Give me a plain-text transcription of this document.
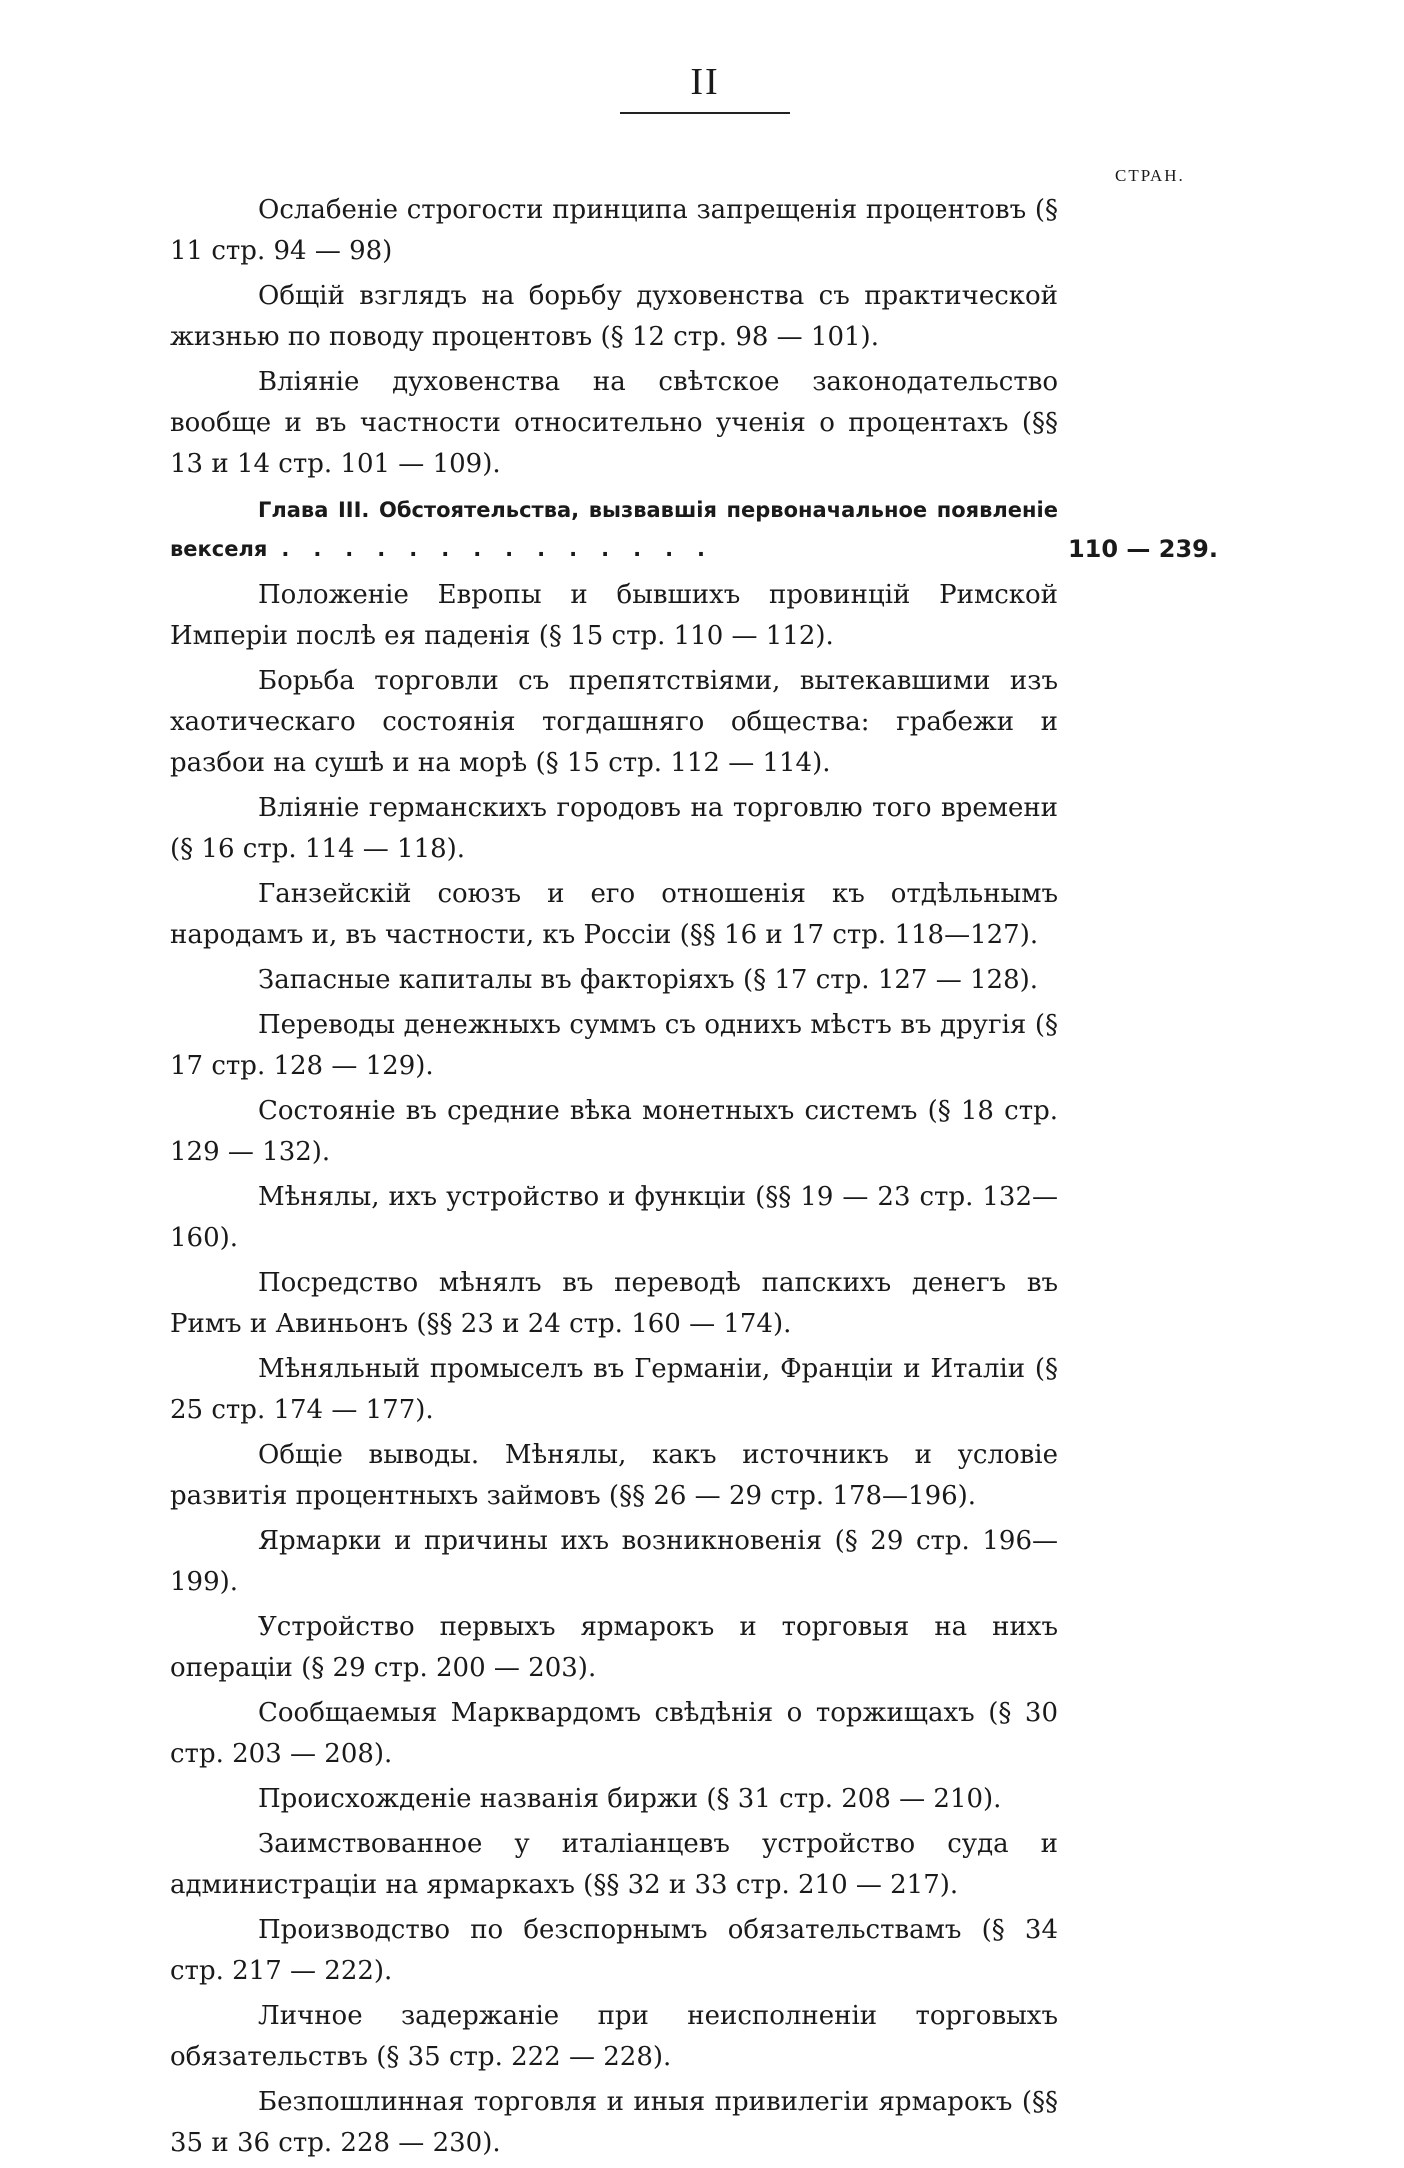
II
СТРАН.

Ослабенiе строгости принципа запрещенiя процентовъ (§ 11 стр. 94 — 98)

Общiй взглядъ на борьбу духовенства съ практической жизнью по поводу процентовъ (§ 12 стр. 98 — 101).

Влiянiе духовенства на свѣтское законодательство вообще и въ частности относительно ученiя о процентахъ (§§ 13 и 14 стр. 101 — 109).

Глава III. Обстоятельства, вызвавшiя первоначальное появленiе векселя ..............	110 — 239.

Положенiе Европы и бывшихъ провинцiй Римской Имперiи послѣ ея паденiя (§ 15 стр. 110 — 112).

Борьба торговли съ препятствiями, вытекавшими изъ хаотическаго состоянiя тогдашняго общества: грабежи и разбои на сушѣ и на морѣ (§ 15 стр. 112 — 114).

Влiянiе германскихъ городовъ на торговлю того времени (§ 16 стр. 114 — 118).

Ганзейскiй союзъ и его отношенiя къ отдѣльнымъ народамъ и, въ частности, къ Россiи (§§ 16 и 17 стр. 118—127).

Запасные капиталы въ факторiяхъ (§ 17 стр. 127 — 128).

Переводы денежныхъ суммъ съ однихъ мѣстъ въ другiя (§ 17 стр. 128 — 129).

Состоянiе въ средние вѣка монетныхъ системъ (§ 18 стр. 129 — 132).

Мѣнялы, ихъ устройство и функцiи (§§ 19 — 23 стр. 132—160).

Посредство мѣнялъ въ переводѣ папскихъ денегъ въ Римъ и Авиньонъ (§§ 23 и 24 стр. 160 — 174).

Мѣняльный промыселъ въ Германiи, Францiи и Италiи (§ 25 стр. 174 — 177).

Общiе выводы. Мѣнялы, какъ источникъ и условiе развитiя процентныхъ займовъ (§§ 26 — 29 стр. 178—196).

Ярмарки и причины ихъ возникновенiя (§ 29 стр. 196—199).

Устройство первыхъ ярмарокъ и торговыя на нихъ операцiи (§ 29 стр. 200 — 203).

Сообщаемыя Марквардомъ свѣдѣнiя о торжищахъ (§ 30 стр. 203 — 208).

Происхожденiе названiя биржи (§ 31 стр. 208 — 210).

Заимствованное у италiанцевъ устройство суда и администрацiи на ярмаркахъ (§§ 32 и 33 стр. 210 — 217).

Производство по безспорнымъ обязательствамъ (§ 34 стр. 217 — 222).

Личное задержанiе при неисполненiи торговыхъ обязательствъ (§ 35 стр. 222 — 228).

Безпошлинная торговля и иныя привилегiи ярмарокъ (§§ 35 и 36 стр. 228 — 230).
